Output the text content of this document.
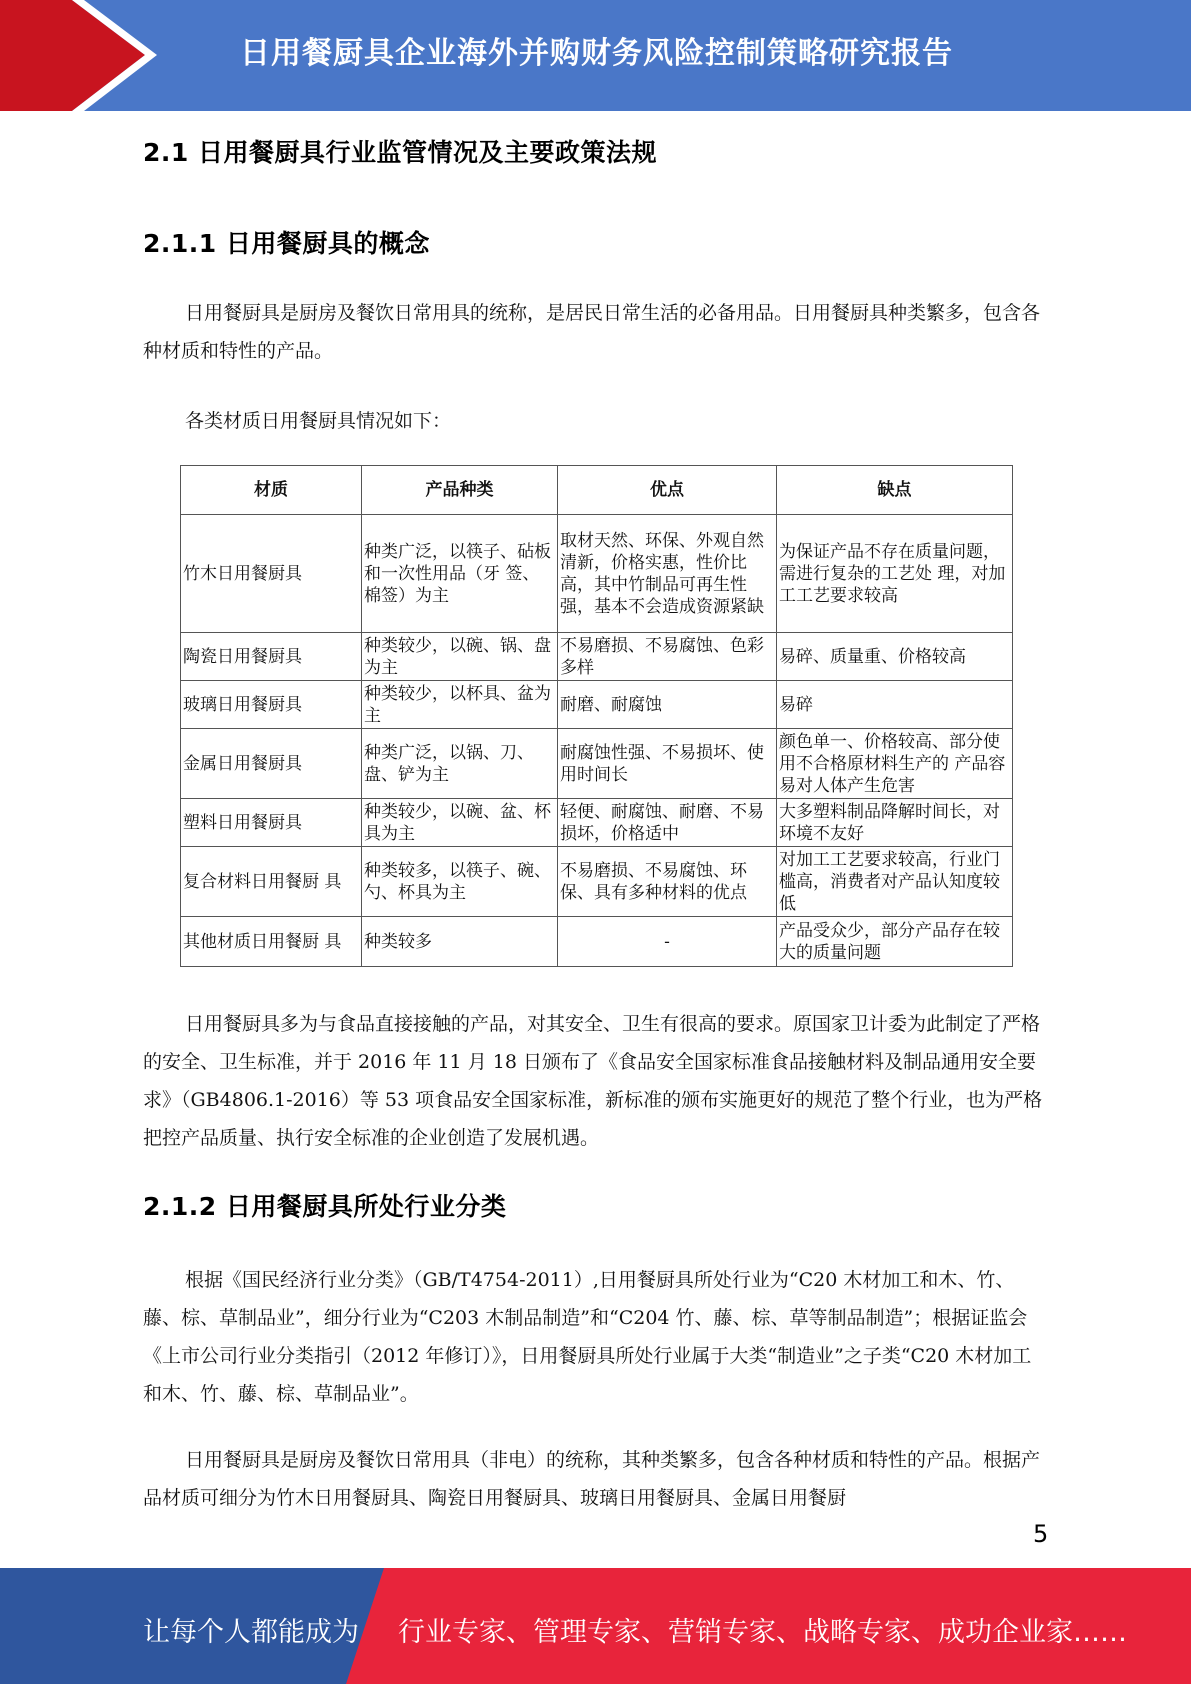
日用餐厨具企业海外并购财务风险控制策略研究报告
2.1 日用餐厨具行业监管情况及主要政策法规
2.1.1 日用餐厨具的概念

日用餐厨具是厨房及餐饮日常用具的统称，是居民日常生活的必备用品。日用餐厨具种类繁多，包含各种材质和特性的产品。

各类材质日用餐厨具情况如下：

材质	产品种类	优点	缺点
竹木日用餐厨具	种类广泛，以筷子、砧板和一次性用品（牙 签、棉签）为主	取材天然、环保、外观自然清新，价格实惠，性价比高，其中竹制品可再生性强，基本不会造成资源紧缺	为保证产品不存在质量问题，需进行复杂的工艺处 理，对加工工艺要求较高
陶瓷日用餐厨具	种类较少，以碗、锅、盘为主	不易磨损、不易腐蚀、色彩多样	易碎、质量重、价格较高
玻璃日用餐厨具	种类较少，以杯具、盆为主	耐磨、耐腐蚀	易碎
金属日用餐厨具	种类广泛，以锅、刀、盘、铲为主	耐腐蚀性强、不易损坏、使用时间长	颜色单一、价格较高、部分使用不合格原材料生产的 产品容易对人体产生危害
塑料日用餐厨具	种类较少，以碗、盆、杯具为主	轻便、耐腐蚀、耐磨、不易损坏，价格适中	大多塑料制品降解时间长，对环境不友好
复合材料日用餐厨 具	种类较多，以筷子、碗、勺、杯具为主	不易磨损、不易腐蚀、环保、具有多种材料的优点	对加工工艺要求较高，行业门槛高，消费者对产品认知度较低
其他材质日用餐厨 具	种类较多	-	产品受众少，部分产品存在较大的质量问题

日用餐厨具多为与食品直接接触的产品，对其安全、卫生有很高的要求。原国家卫计委为此制定了严格的安全、卫生标准，并于 2016 年 11 月 18 日颁布了《食品安全国家标准食品接触材料及制品通用安全要求》（GB4806.1-2016）等 53 项食品安全国家标准，新标准的颁布实施更好的规范了整个行业，也为严格把控产品质量、执行安全标准的企业创造了发展机遇。

2.1.2 日用餐厨具所处行业分类

根据《国民经济行业分类》（GB/T4754-2011）,日用餐厨具所处行业为“C20 木材加工和木、竹、藤、棕、草制品业”，细分行业为“C203 木制品制造”和“C204 竹、藤、棕、草等制品制造”；根据证监会《上市公司行业分类指引（2012 年修订）》，日用餐厨具所处行业属于大类“制造业”之子类“C20 木材加工和木、竹、藤、棕、草制品业”。

日用餐厨具是厨房及餐饮日常用具（非电）的统称，其种类繁多，包含各种材质和特性的产品。根据产品材质可细分为竹木日用餐厨具、陶瓷日用餐厨具、玻璃日用餐厨具、金属日用餐厨

5
让每个人都能成为 行业专家、管理专家、营销专家、战略专家、成功企业家……
